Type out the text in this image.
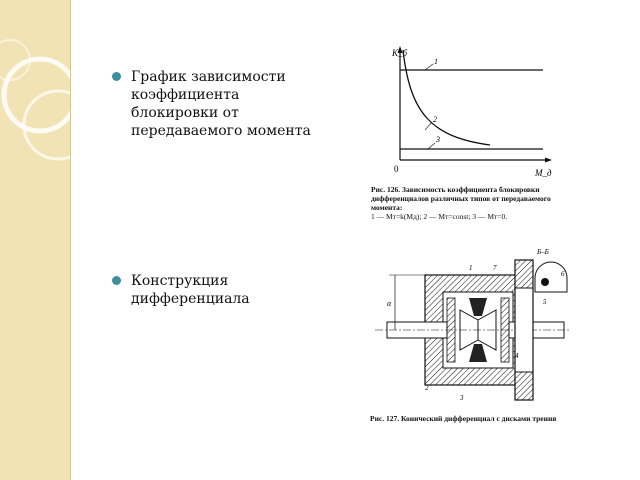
График зависимости
коэффициента
блокировки от
передаваемого момента
Конструкция
дифференциала
К_б
М_д
0
1
2
3
Рис. 126. Зависимость коэффициента блокировки дифференциалов различных типов от передаваемого момента:
1 — Мт=k(Мд); 2 — Мт=const; 3 — Мт=0.
α
Б–Б
1
2
3
4
5
6
7
Рис. 127. Конический дифференциал с дисками трения
